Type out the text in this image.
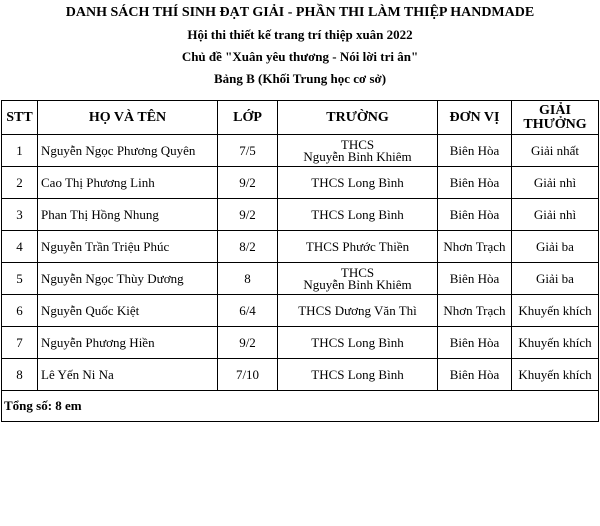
DANH SÁCH THÍ SINH ĐẠT GIẢI - PHẦN THI LÀM THIỆP HANDMADE
Hội thi thiết kế trang trí thiệp xuân 2022
Chủ đề "Xuân yêu thương - Nói lời tri ân"
Bảng B (Khối Trung học cơ sở)
STT	HỌ VÀ TÊN	LỚP	TRƯỜNG	ĐƠN VỊ	GIẢI
THƯỞNG

1	Nguyễn Ngọc Phương Quyên	7/5	THCS
Nguyễn Bỉnh Khiêm	Biên Hòa	Giải nhất
2	Cao Thị Phương Linh	9/2	THCS Long Bình	Biên Hòa	Giải nhì
3	Phan Thị Hồng Nhung	9/2	THCS Long Bình	Biên Hòa	Giải nhì
4	Nguyễn Trần Triệu Phúc	8/2	THCS Phước Thiền	Nhơn Trạch	Giải ba
5	Nguyễn Ngọc Thùy Dương	8	THCS
Nguyễn Bỉnh Khiêm	Biên Hòa	Giải ba
6	Nguyễn Quốc Kiệt	6/4	THCS Dương Văn Thì	Nhơn Trạch	Khuyến khích
7	Nguyễn Phương Hiền	9/2	THCS Long Bình	Biên Hòa	Khuyến khích
8	Lê Yến Ni Na	7/10	THCS Long Bình	Biên Hòa	Khuyến khích
Tổng số: 8 em					
